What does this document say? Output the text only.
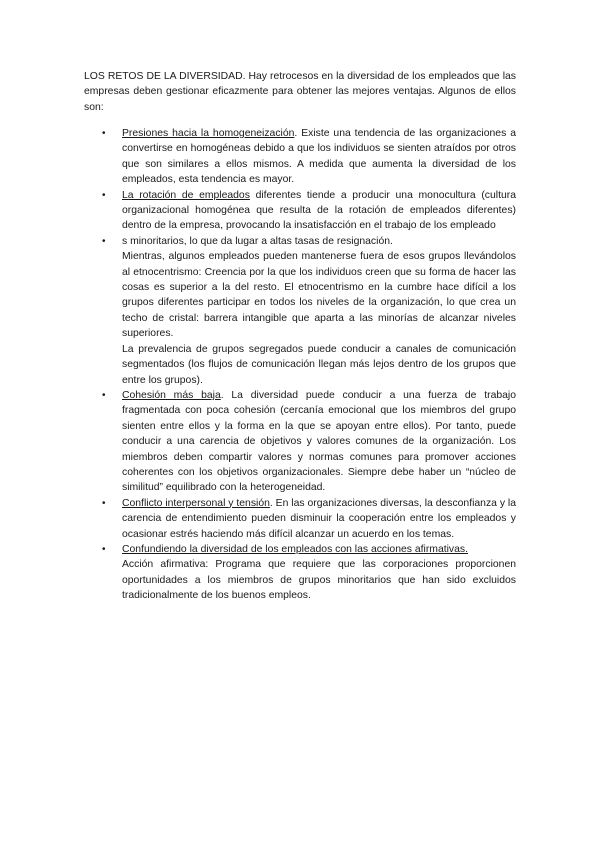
LOS RETOS DE LA DIVERSIDAD. Hay retrocesos en la diversidad de los empleados que las empresas deben gestionar eficazmente para obtener las mejores ventajas. Algunos de ellos son:

• Presiones hacia la homogeneización. Existe una tendencia de las organizaciones a convertirse en homogéneas debido a que los individuos se sienten atraídos por otros que son similares a ellos mismos. A medida que aumenta la diversidad de los empleados, esta tendencia es mayor.
• La rotación de empleados diferentes tiende a producir una monocultura (cultura organizacional homogénea que resulta de la rotación de empleados diferentes) dentro de la empresa, provocando la insatisfacción en el trabajo de los empleado
• s minoritarios, lo que da lugar a altas tasas de resignación.
Mientras, algunos empleados pueden mantenerse fuera de esos grupos llevándolos al etnocentrismo: Creencia por la que los individuos creen que su forma de hacer las cosas es superior a la del resto. El etnocentrismo en la cumbre hace difícil a los grupos diferentes participar en todos los niveles de la organización, lo que crea un techo de cristal: barrera intangible que aparta a las minorías de alcanzar niveles superiores.
La prevalencia de grupos segregados puede conducir a canales de comunicación segmentados (los flujos de comunicación llegan más lejos dentro de los grupos que entre los grupos).
• Cohesión más baja. La diversidad puede conducir a una fuerza de trabajo fragmentada con poca cohesión (cercanía emocional que los miembros del grupo sienten entre ellos y la forma en la que se apoyan entre ellos). Por tanto, puede conducir a una carencia de objetivos y valores comunes de la organización. Los miembros deben compartir valores y normas comunes para promover acciones coherentes con los objetivos organizacionales. Siempre debe haber un “núcleo de similitud” equilibrado con la heterogeneidad.
• Conflicto interpersonal y tensión. En las organizaciones diversas, la desconfianza y la carencia de entendimiento pueden disminuir la cooperación entre los empleados y ocasionar estrés haciendo más difícil alcanzar un acuerdo en los temas.
• Confundiendo la diversidad de los empleados con las acciones afirmativas.
Acción afirmativa: Programa que requiere que las corporaciones proporcionen oportunidades a los miembros de grupos minoritarios que han sido excluidos tradicionalmente de los buenos empleos.
